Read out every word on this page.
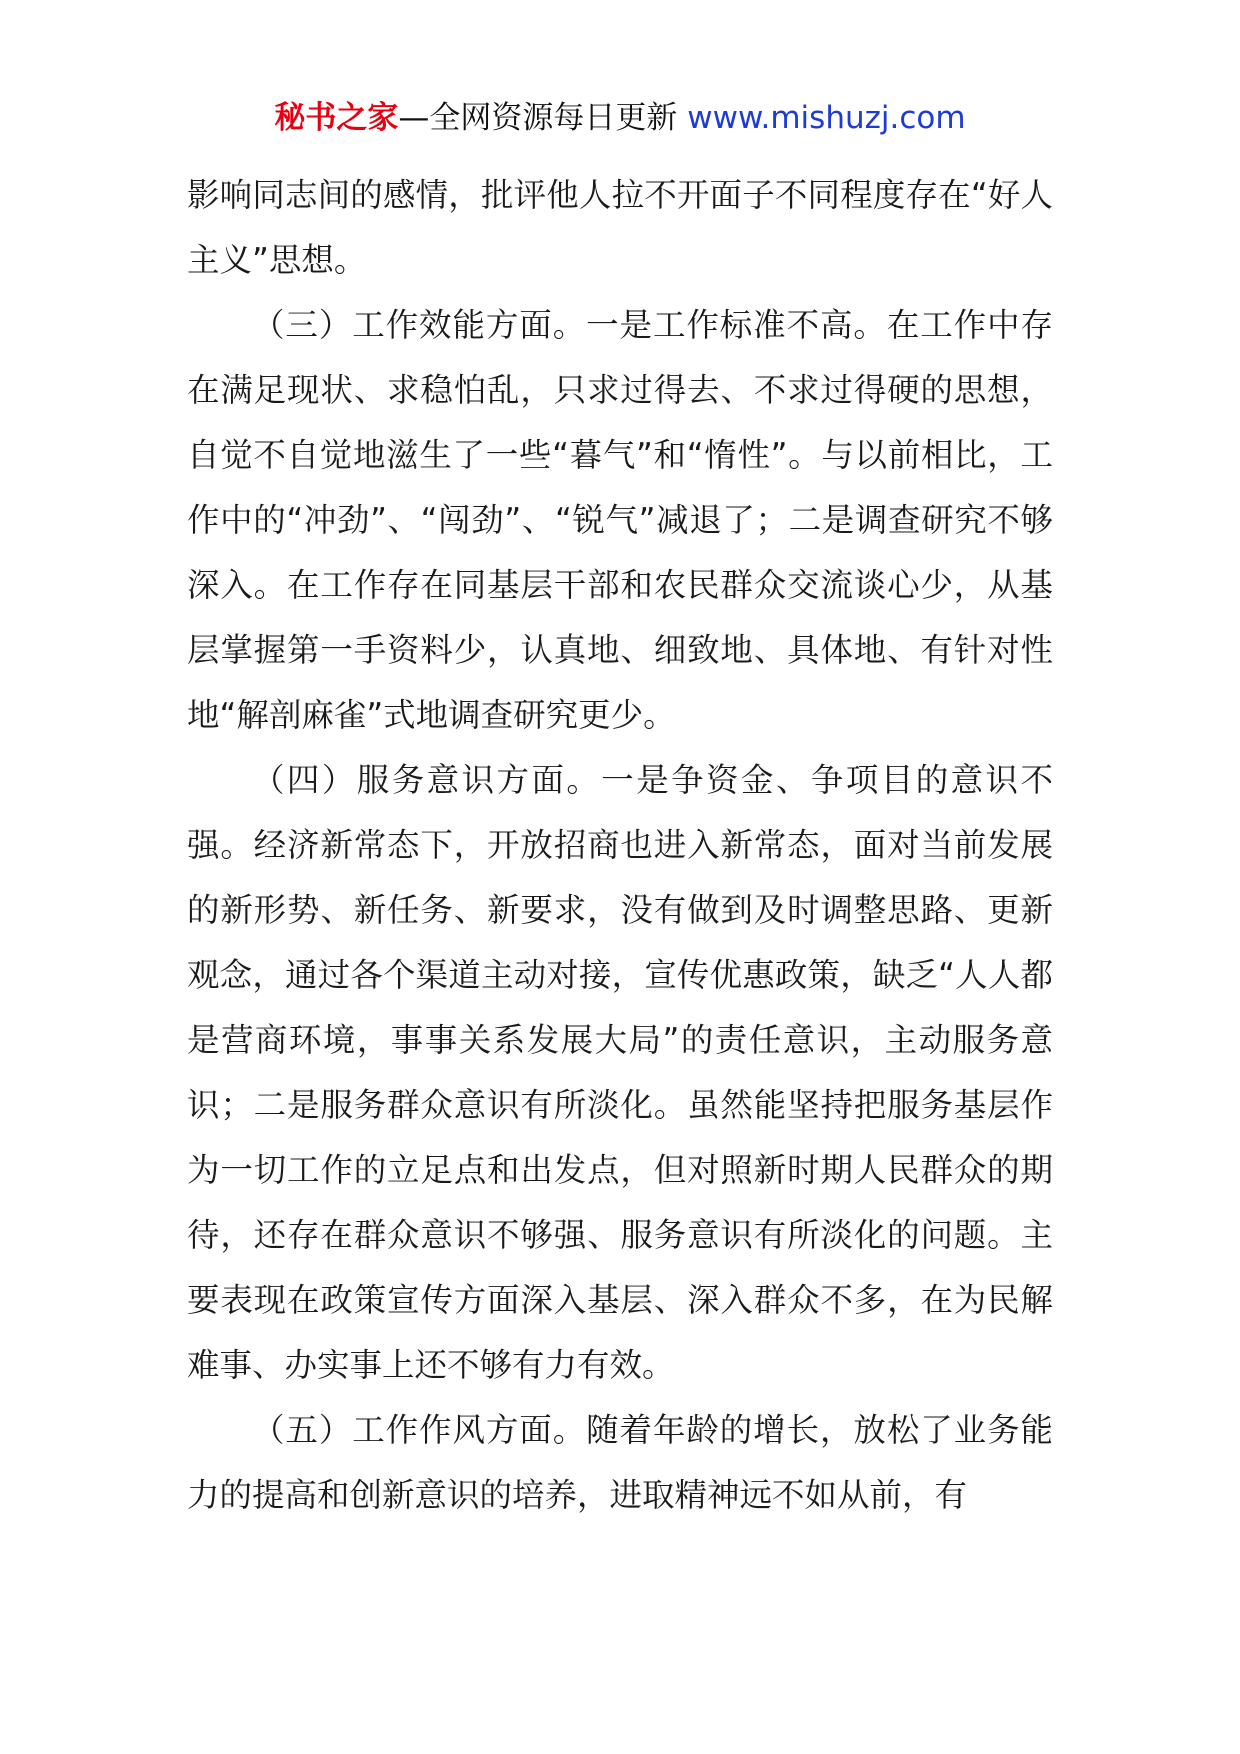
秘书之家—全网资源每日更新 www.mishuzj.com

影响同志间的感情，批评他人拉不开面子不同程度存在“好人主义”思想。

（三）工作效能方面。一是工作标准不高。在工作中存在满足现状、求稳怕乱，只求过得去、不求过得硬的思想，自觉不自觉地滋生了一些“暮气”和“惰性”。与以前相比，工作中的“冲劲”、“闯劲”、“锐气”减退了；二是调查研究不够深入。在工作存在同基层干部和农民群众交流谈心少，从基层掌握第一手资料少，认真地、细致地、具体地、有针对性地“解剖麻雀”式地调查研究更少。

（四）服务意识方面。一是争资金、争项目的意识不强。经济新常态下，开放招商也进入新常态，面对当前发展的新形势、新任务、新要求，没有做到及时调整思路、更新观念，通过各个渠道主动对接，宣传优惠政策，缺乏“人人都是营商环境，事事关系发展大局”的责任意识，主动服务意识；二是服务群众意识有所淡化。虽然能坚持把服务基层作为一切工作的立足点和出发点，但对照新时期人民群众的期待，还存在群众意识不够强、服务意识有所淡化的问题。主要表现在政策宣传方面深入基层、深入群众不多，在为民解难事、办实事上还不够有力有效。

（五）工作作风方面。随着年龄的增长，放松了业务能力的提高和创新意识的培养，进取精神远不如从前，有
